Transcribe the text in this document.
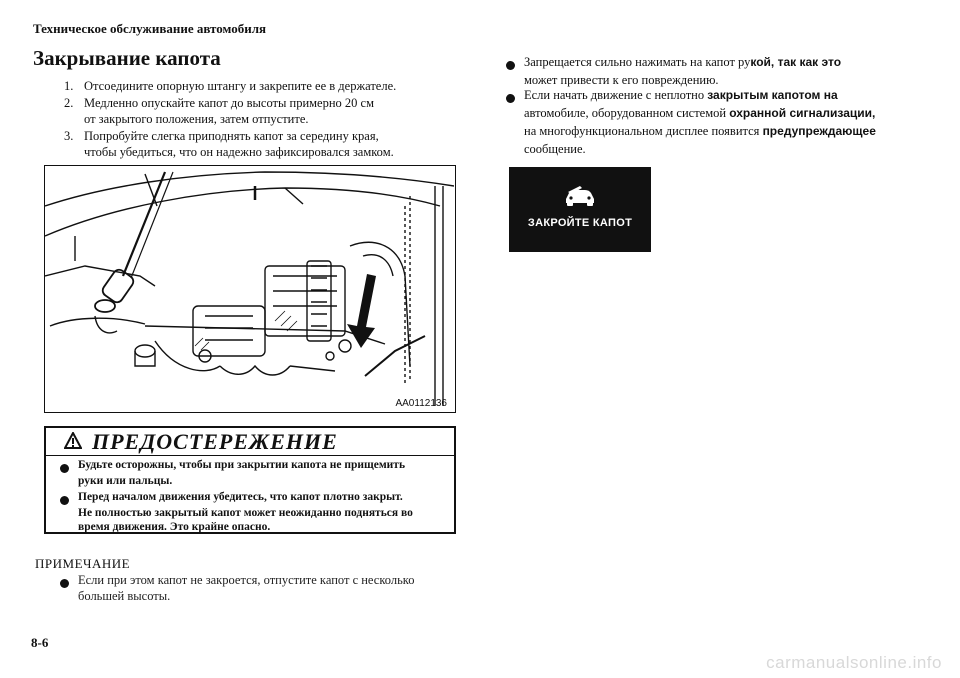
Техническое обслуживание автомобиля
Закрывание капота
1. Отсоедините опорную штангу и закрепите ее в держателе.
2. Медленно опускайте капот до высоты примерно 20 см
от закрытого положения, затем отпустите.
3. Попробуйте слегка приподнять капот за середину края,
чтобы убедиться, что он надежно зафиксировался замком.
AA0112136
ПРЕДОСТЕРЕЖЕНИЕ
Будьте осторожны, чтобы при закрытии капота не прищемить
руки или пальцы.
Перед началом движения убедитесь, что капот плотно закрыт.
Не полностью закрытый капот может неожиданно подняться во
время движения. Это крайне опасно.
ПРИМЕЧАНИЕ
Если при этом капот не закроется, отпустите капот с несколько
большей высоты.
8-6
Запрещается сильно нажимать на капот рукой, так как это
может привести к его повреждению.
Если начать движение с неплотно закрытым капотом на
автомобиле, оборудованном системой охранной сигнализации,
на многофункциональном дисплее появится предупреждающее
сообщение.
ЗАКРОЙТЕ КАПОТ
carmanualsonline.info
